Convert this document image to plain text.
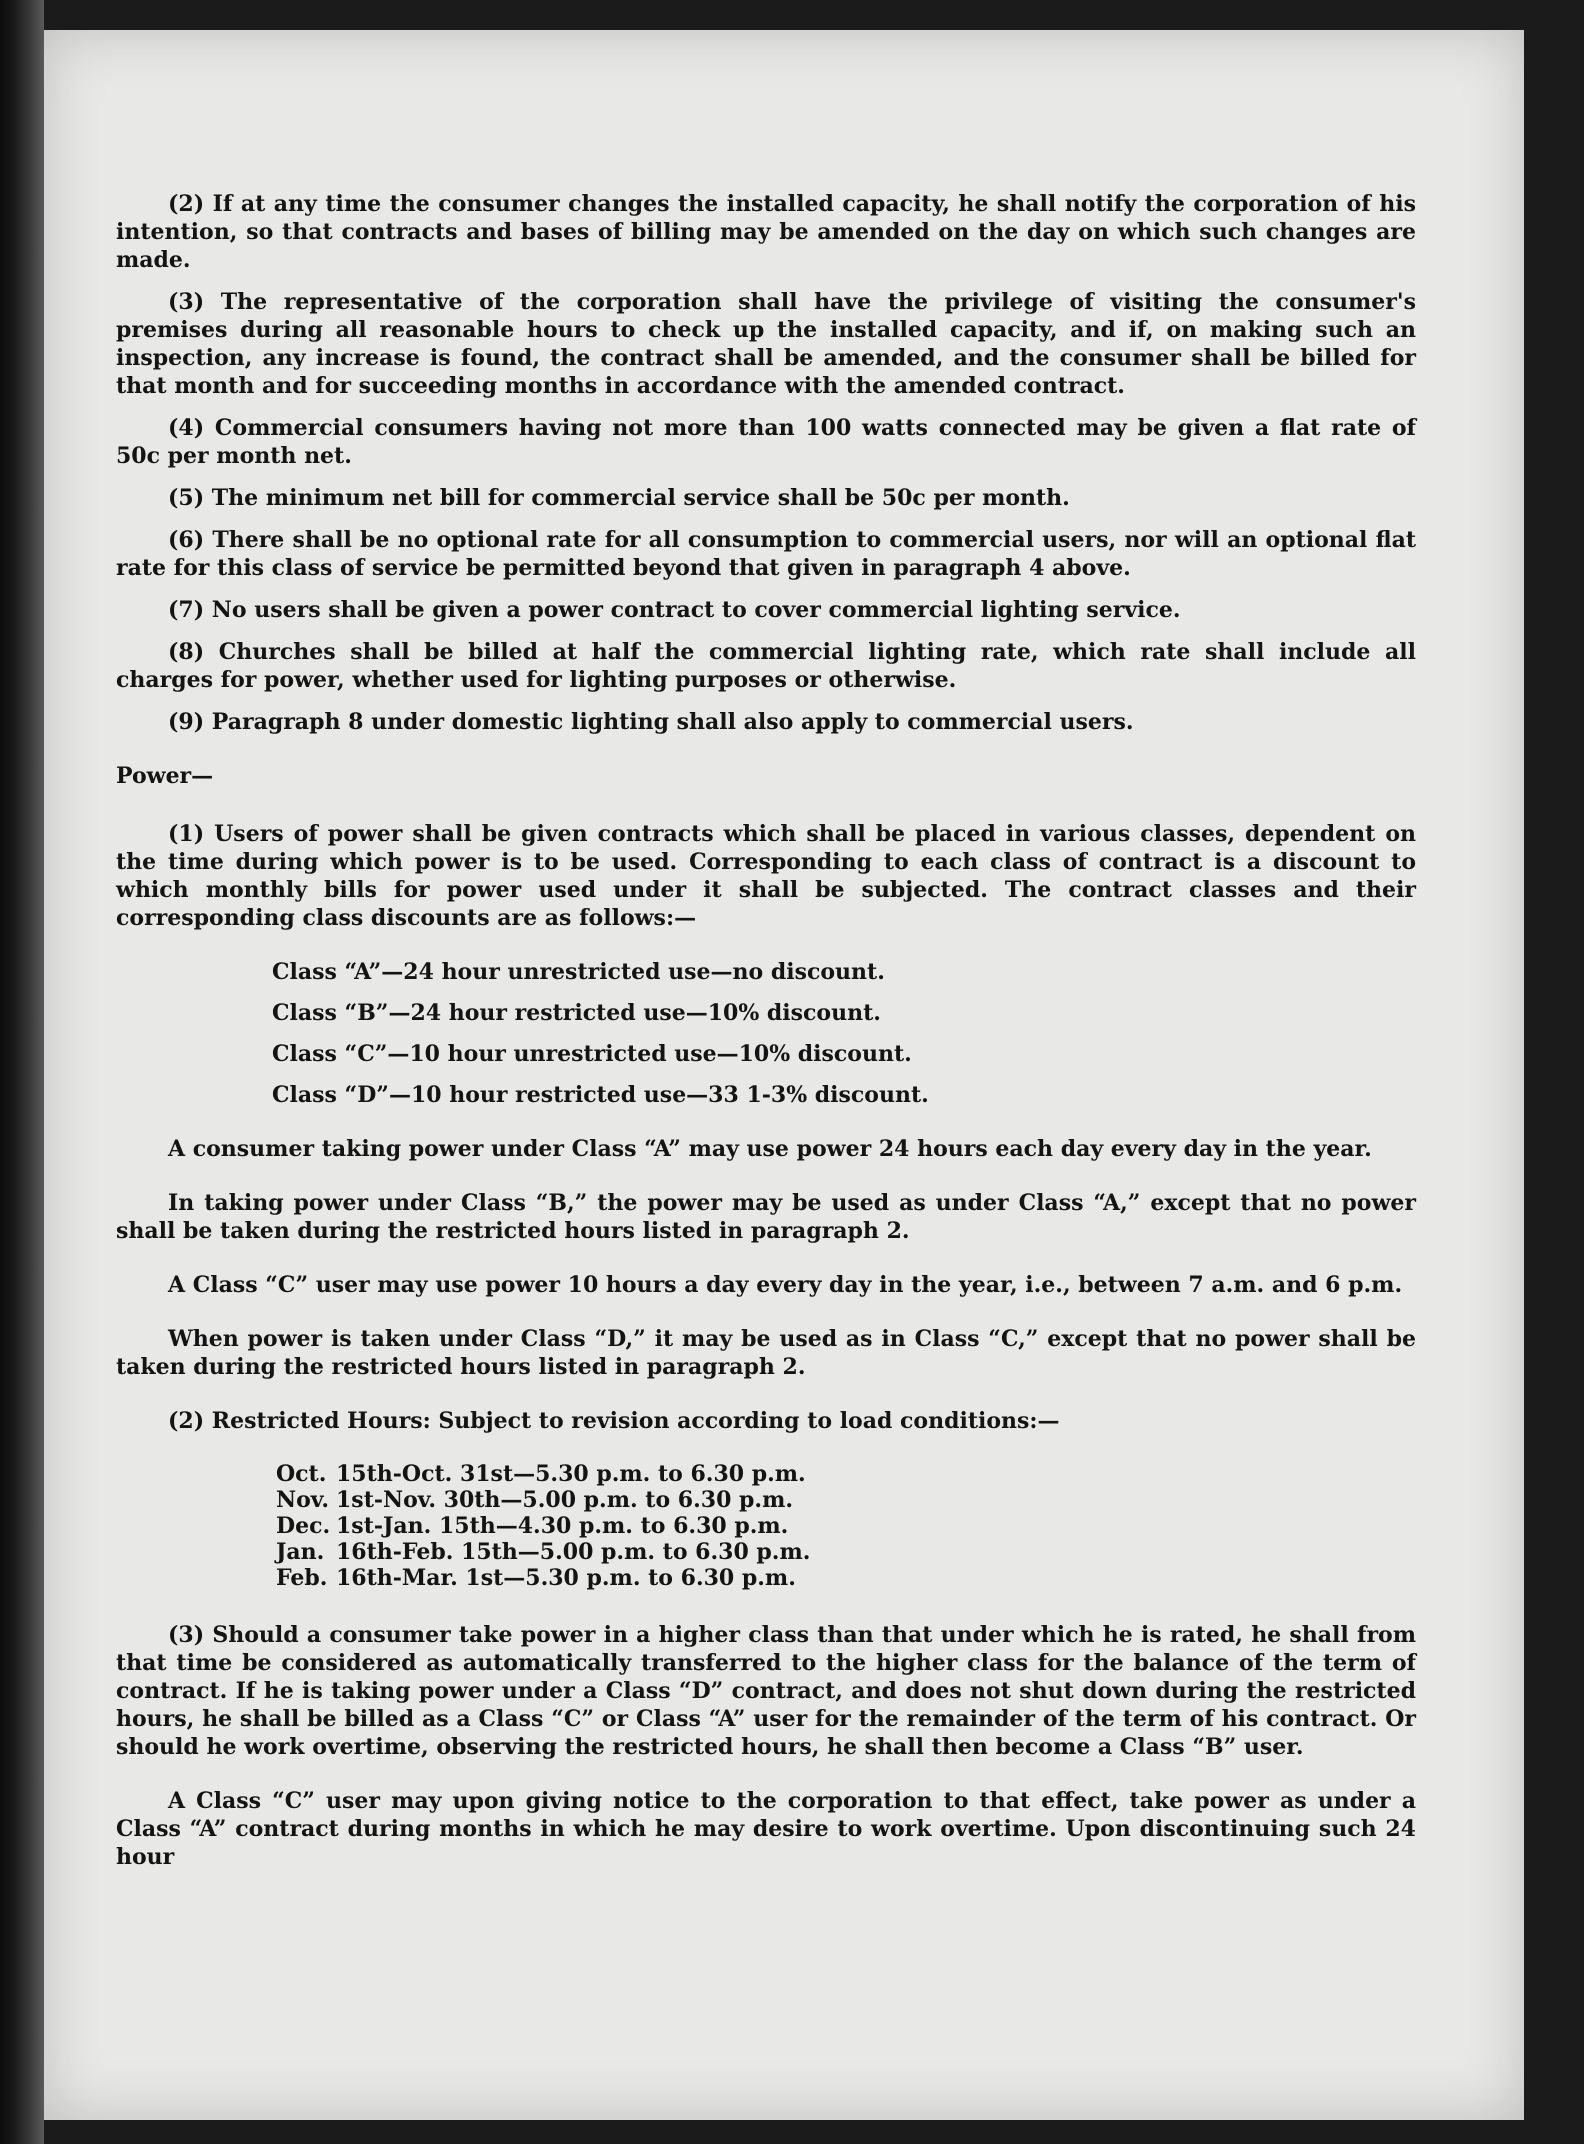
(2) If at any time the consumer changes the installed capacity, he shall notify the corporation of his intention, so that contracts and bases of billing may be amended on the day on which such changes are made.

(3) The representative of the corporation shall have the privilege of visiting the consumer's premises during all reasonable hours to check up the installed capacity, and if, on making such an inspection, any increase is found, the contract shall be amended, and the consumer shall be billed for that month and for succeeding months in accordance with the amended contract.

(4) Commercial consumers having not more than 100 watts connected may be given a flat rate of 50c per month net.

(5) The minimum net bill for commercial service shall be 50c per month.

(6) There shall be no optional rate for all consumption to commercial users, nor will an optional flat rate for this class of service be permitted beyond that given in paragraph 4 above.

(7) No users shall be given a power contract to cover commercial lighting service.

(8) Churches shall be billed at half the commercial lighting rate, which rate shall include all charges for power, whether used for lighting purposes or otherwise.

(9) Paragraph 8 under domestic lighting shall also apply to commercial users.

Power—

(1) Users of power shall be given contracts which shall be placed in various classes, dependent on the time during which power is to be used. Corresponding to each class of contract is a discount to which monthly bills for power used under it shall be subjected. The contract classes and their corresponding class discounts are as follows:—

Class “A”—24 hour unrestricted use—no discount.
Class “B”—24 hour restricted use—10% discount.
Class “C”—10 hour unrestricted use—10% discount.
Class “D”—10 hour restricted use—33 1-3% discount.

A consumer taking power under Class “A” may use power 24 hours each day every day in the year.

In taking power under Class “B,” the power may be used as under Class “A,” except that no power shall be taken during the restricted hours listed in paragraph 2.

A Class “C” user may use power 10 hours a day every day in the year, i.e., between 7 a.m. and 6 p.m.

When power is taken under Class “D,” it may be used as in Class “C,” except that no power shall be taken during the restricted hours listed in paragraph 2.

(2) Restricted Hours: Subject to revision according to load conditions:—

Oct. 15th-Oct. 31st—5.30 p.m. to 6.30 p.m.
Nov. 1st-Nov. 30th—5.00 p.m. to 6.30 p.m.
Dec. 1st-Jan. 15th—4.30 p.m. to 6.30 p.m.
Jan. 16th-Feb. 15th—5.00 p.m. to 6.30 p.m.
Feb. 16th-Mar. 1st—5.30 p.m. to 6.30 p.m.

(3) Should a consumer take power in a higher class than that under which he is rated, he shall from that time be considered as automatically transferred to the higher class for the balance of the term of contract. If he is taking power under a Class “D” contract, and does not shut down during the restricted hours, he shall be billed as a Class “C” or Class “A” user for the remainder of the term of his contract. Or should he work overtime, observing the restricted hours, he shall then become a Class “B” user.

A Class “C” user may upon giving notice to the corporation to that effect, take power as under a Class “A” contract during months in which he may desire to work overtime. Upon discontinuing such 24 hour
